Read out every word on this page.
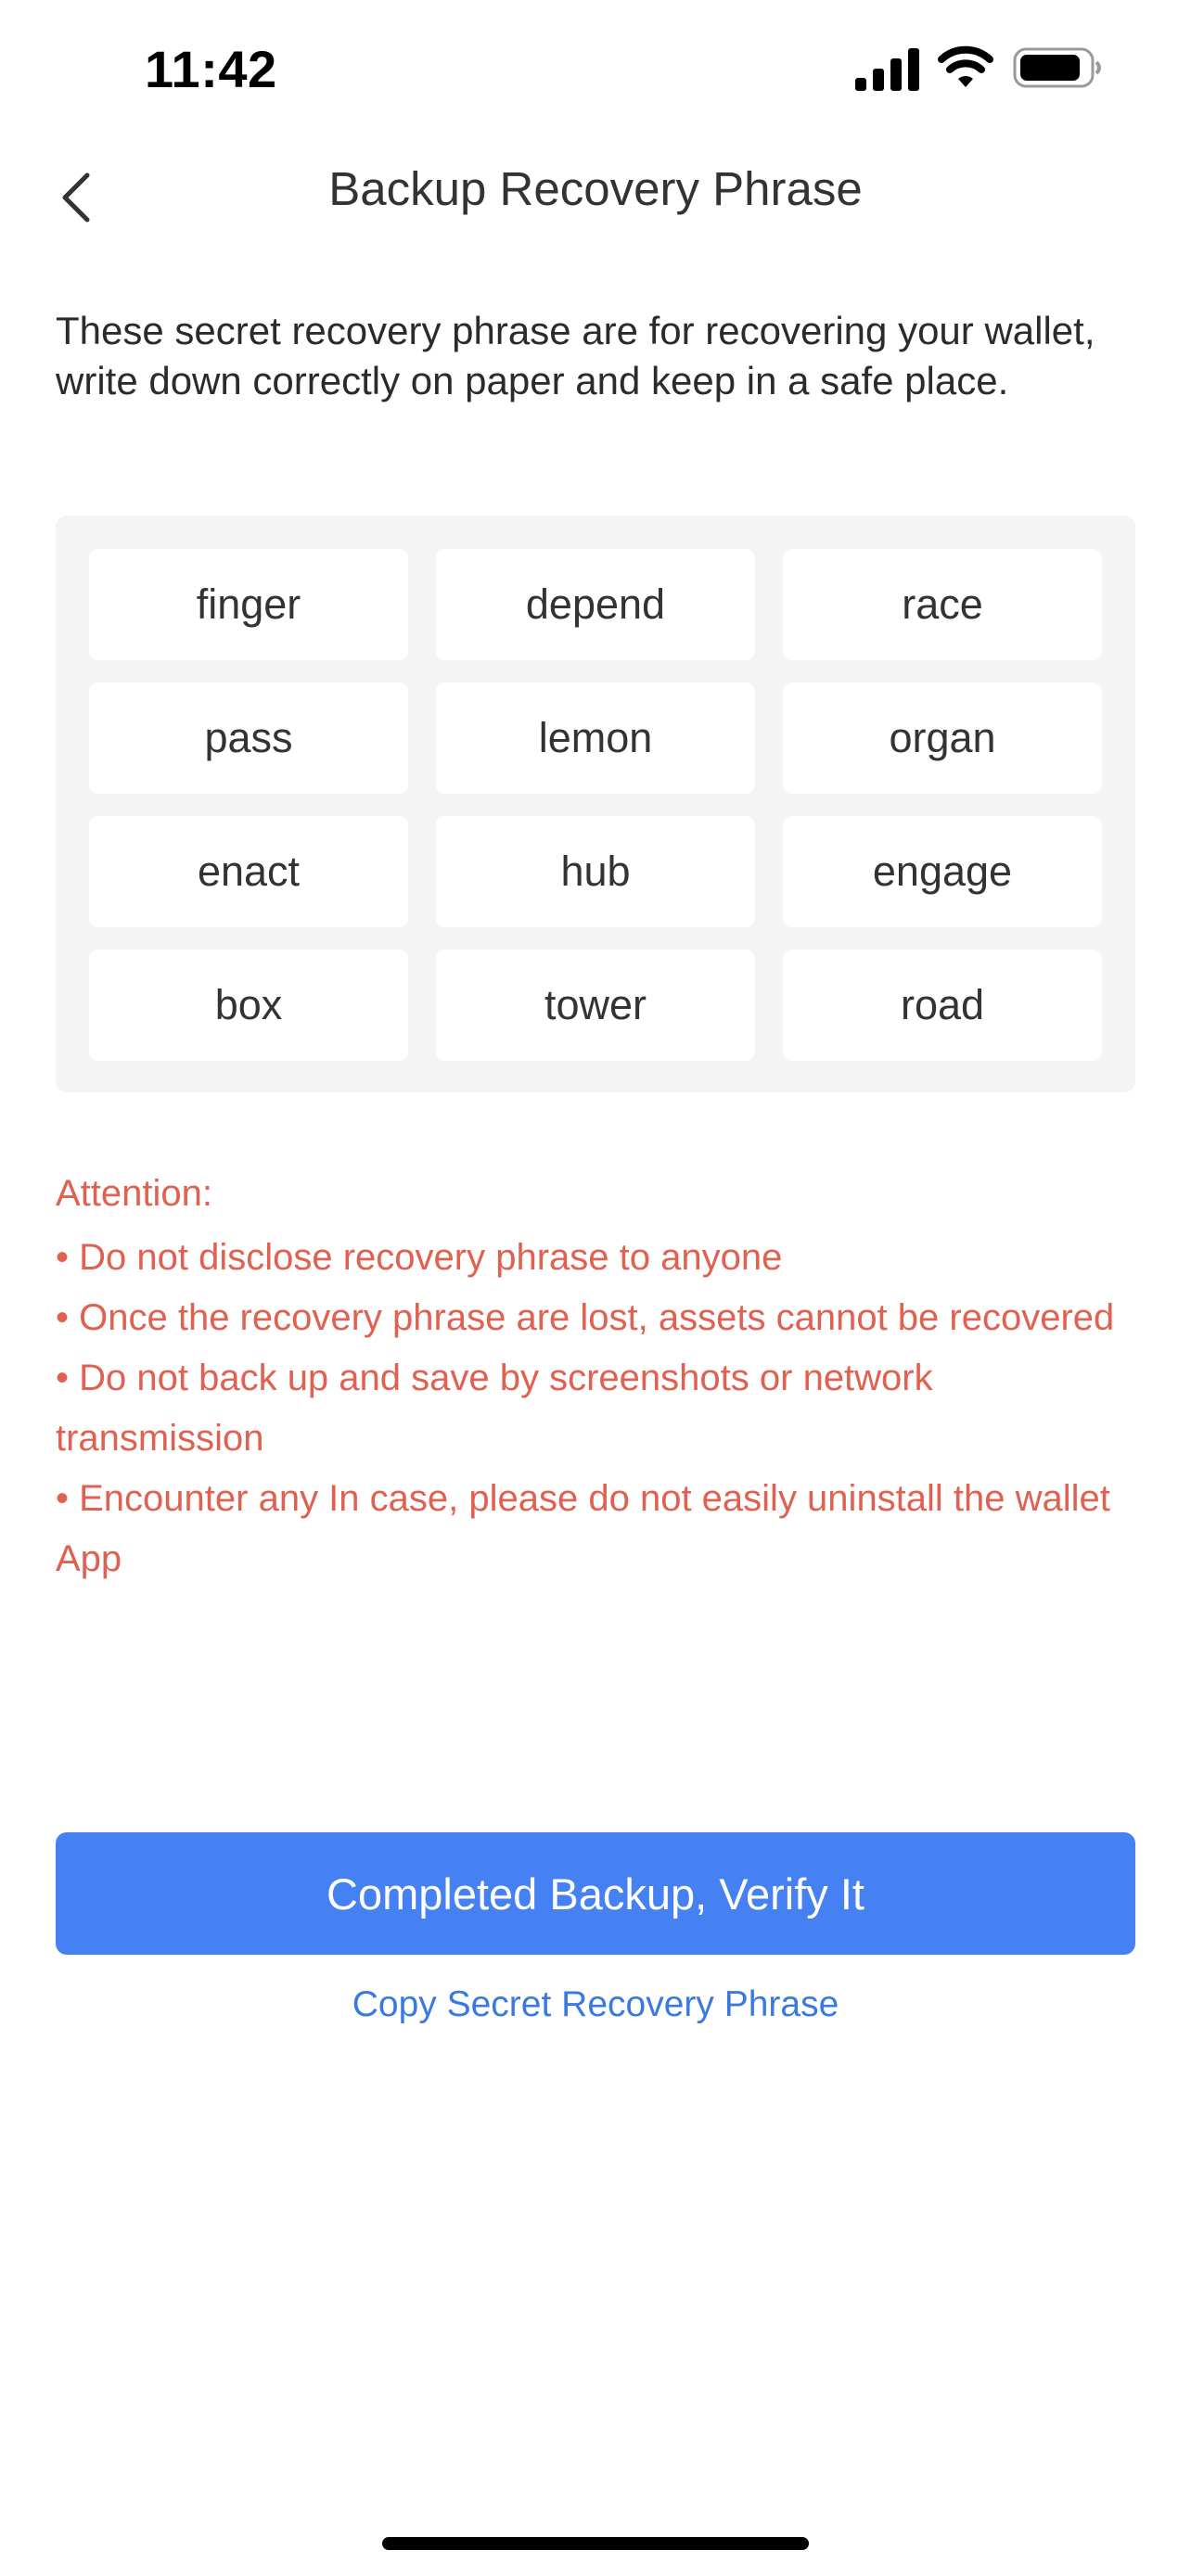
11:42
Backup Recovery Phrase
These secret recovery phrase are for recovering your wallet, write down correctly on paper and keep in a safe place.
finger	depend	race
pass	lemon	organ
enact	hub	engage
box	tower	road
Attention:

• Do not disclose recovery phrase to anyone

• Once the recovery phrase are lost, assets cannot be recovered

• Do not back up and save by screenshots or network transmission

• Encounter any In case, please do not easily uninstall the wallet App

Completed Backup, Verify It
Copy Secret Recovery Phrase
